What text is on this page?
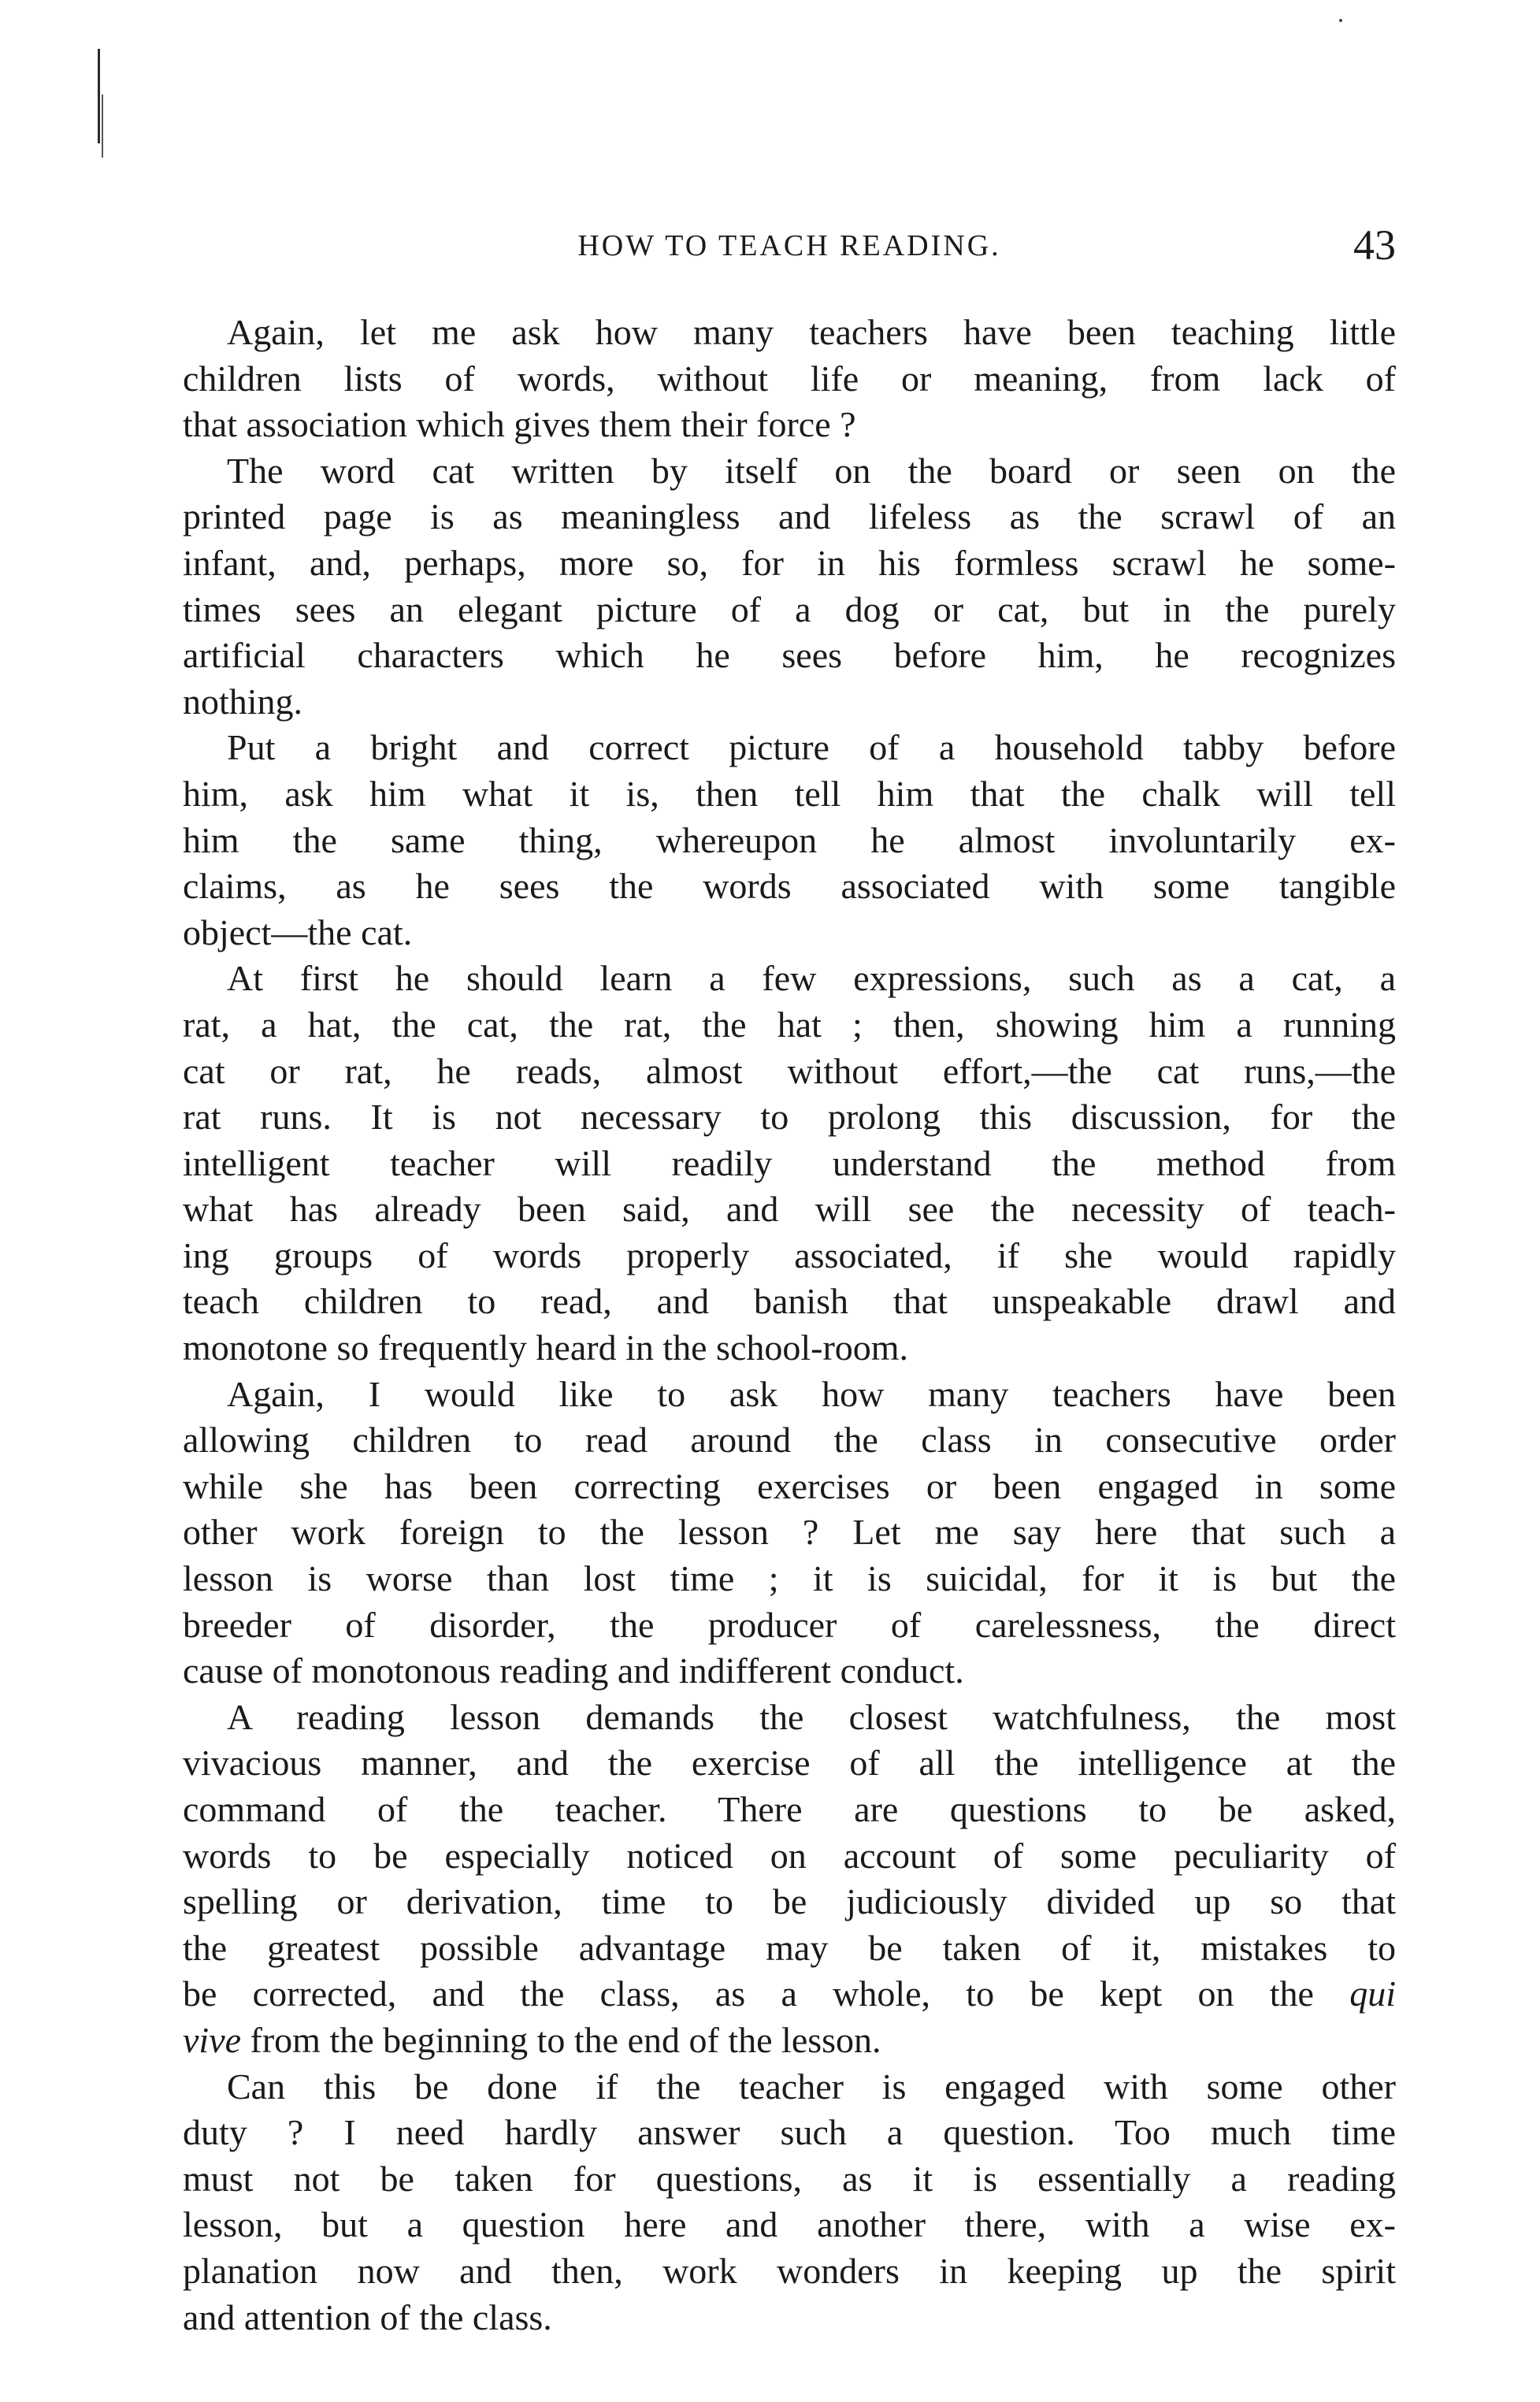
HOW TO TEACH READING.	43
Again, let me ask how many teachers have been teaching little
children lists of words, without life or meaning, from lack of
that association which gives them their force ?
The word cat written by itself on the board or seen on the
printed page is as meaningless and lifeless as the scrawl of an
infant, and, perhaps, more so, for in his formless scrawl he some-
times sees an elegant picture of a dog or cat, but in the purely
artificial characters which he sees before him, he recognizes
nothing.
Put a bright and correct picture of a household tabby before
him, ask him what it is, then tell him that the chalk will tell
him the same thing, whereupon he almost involuntarily ex-
claims, as he sees the words associated with some tangible
object—the cat.
At first he should learn a few expressions, such as a cat, a
rat, a hat, the cat, the rat, the hat ; then, showing him a running
cat or rat, he reads, almost without effort,—the cat runs,—the
rat runs. It is not necessary to prolong this discussion, for the
intelligent teacher will readily understand the method from
what has already been said, and will see the necessity of teach-
ing groups of words properly associated, if she would rapidly
teach children to read, and banish that unspeakable drawl and
monotone so frequently heard in the school-room.
Again, I would like to ask how many teachers have been
allowing children to read around the class in consecutive order
while she has been correcting exercises or been engaged in some
other work foreign to the lesson ? Let me say here that such a
lesson is worse than lost time ; it is suicidal, for it is but the
breeder of disorder, the producer of carelessness, the direct
cause of monotonous reading and indifferent conduct.
A reading lesson demands the closest watchfulness, the most
vivacious manner, and the exercise of all the intelligence at the
command of the teacher. There are questions to be asked,
words to be especially noticed on account of some peculiarity of
spelling or derivation, time to be judiciously divided up so that
the greatest possible advantage may be taken of it, mistakes to
be corrected, and the class, as a whole, to be kept on the qui
vive from the beginning to the end of the lesson.
Can this be done if the teacher is engaged with some other
duty ? I need hardly answer such a question. Too much time
must not be taken for questions, as it is essentially a reading
lesson, but a question here and another there, with a wise ex-
planation now and then, work wonders in keeping up the spirit
and attention of the class.
